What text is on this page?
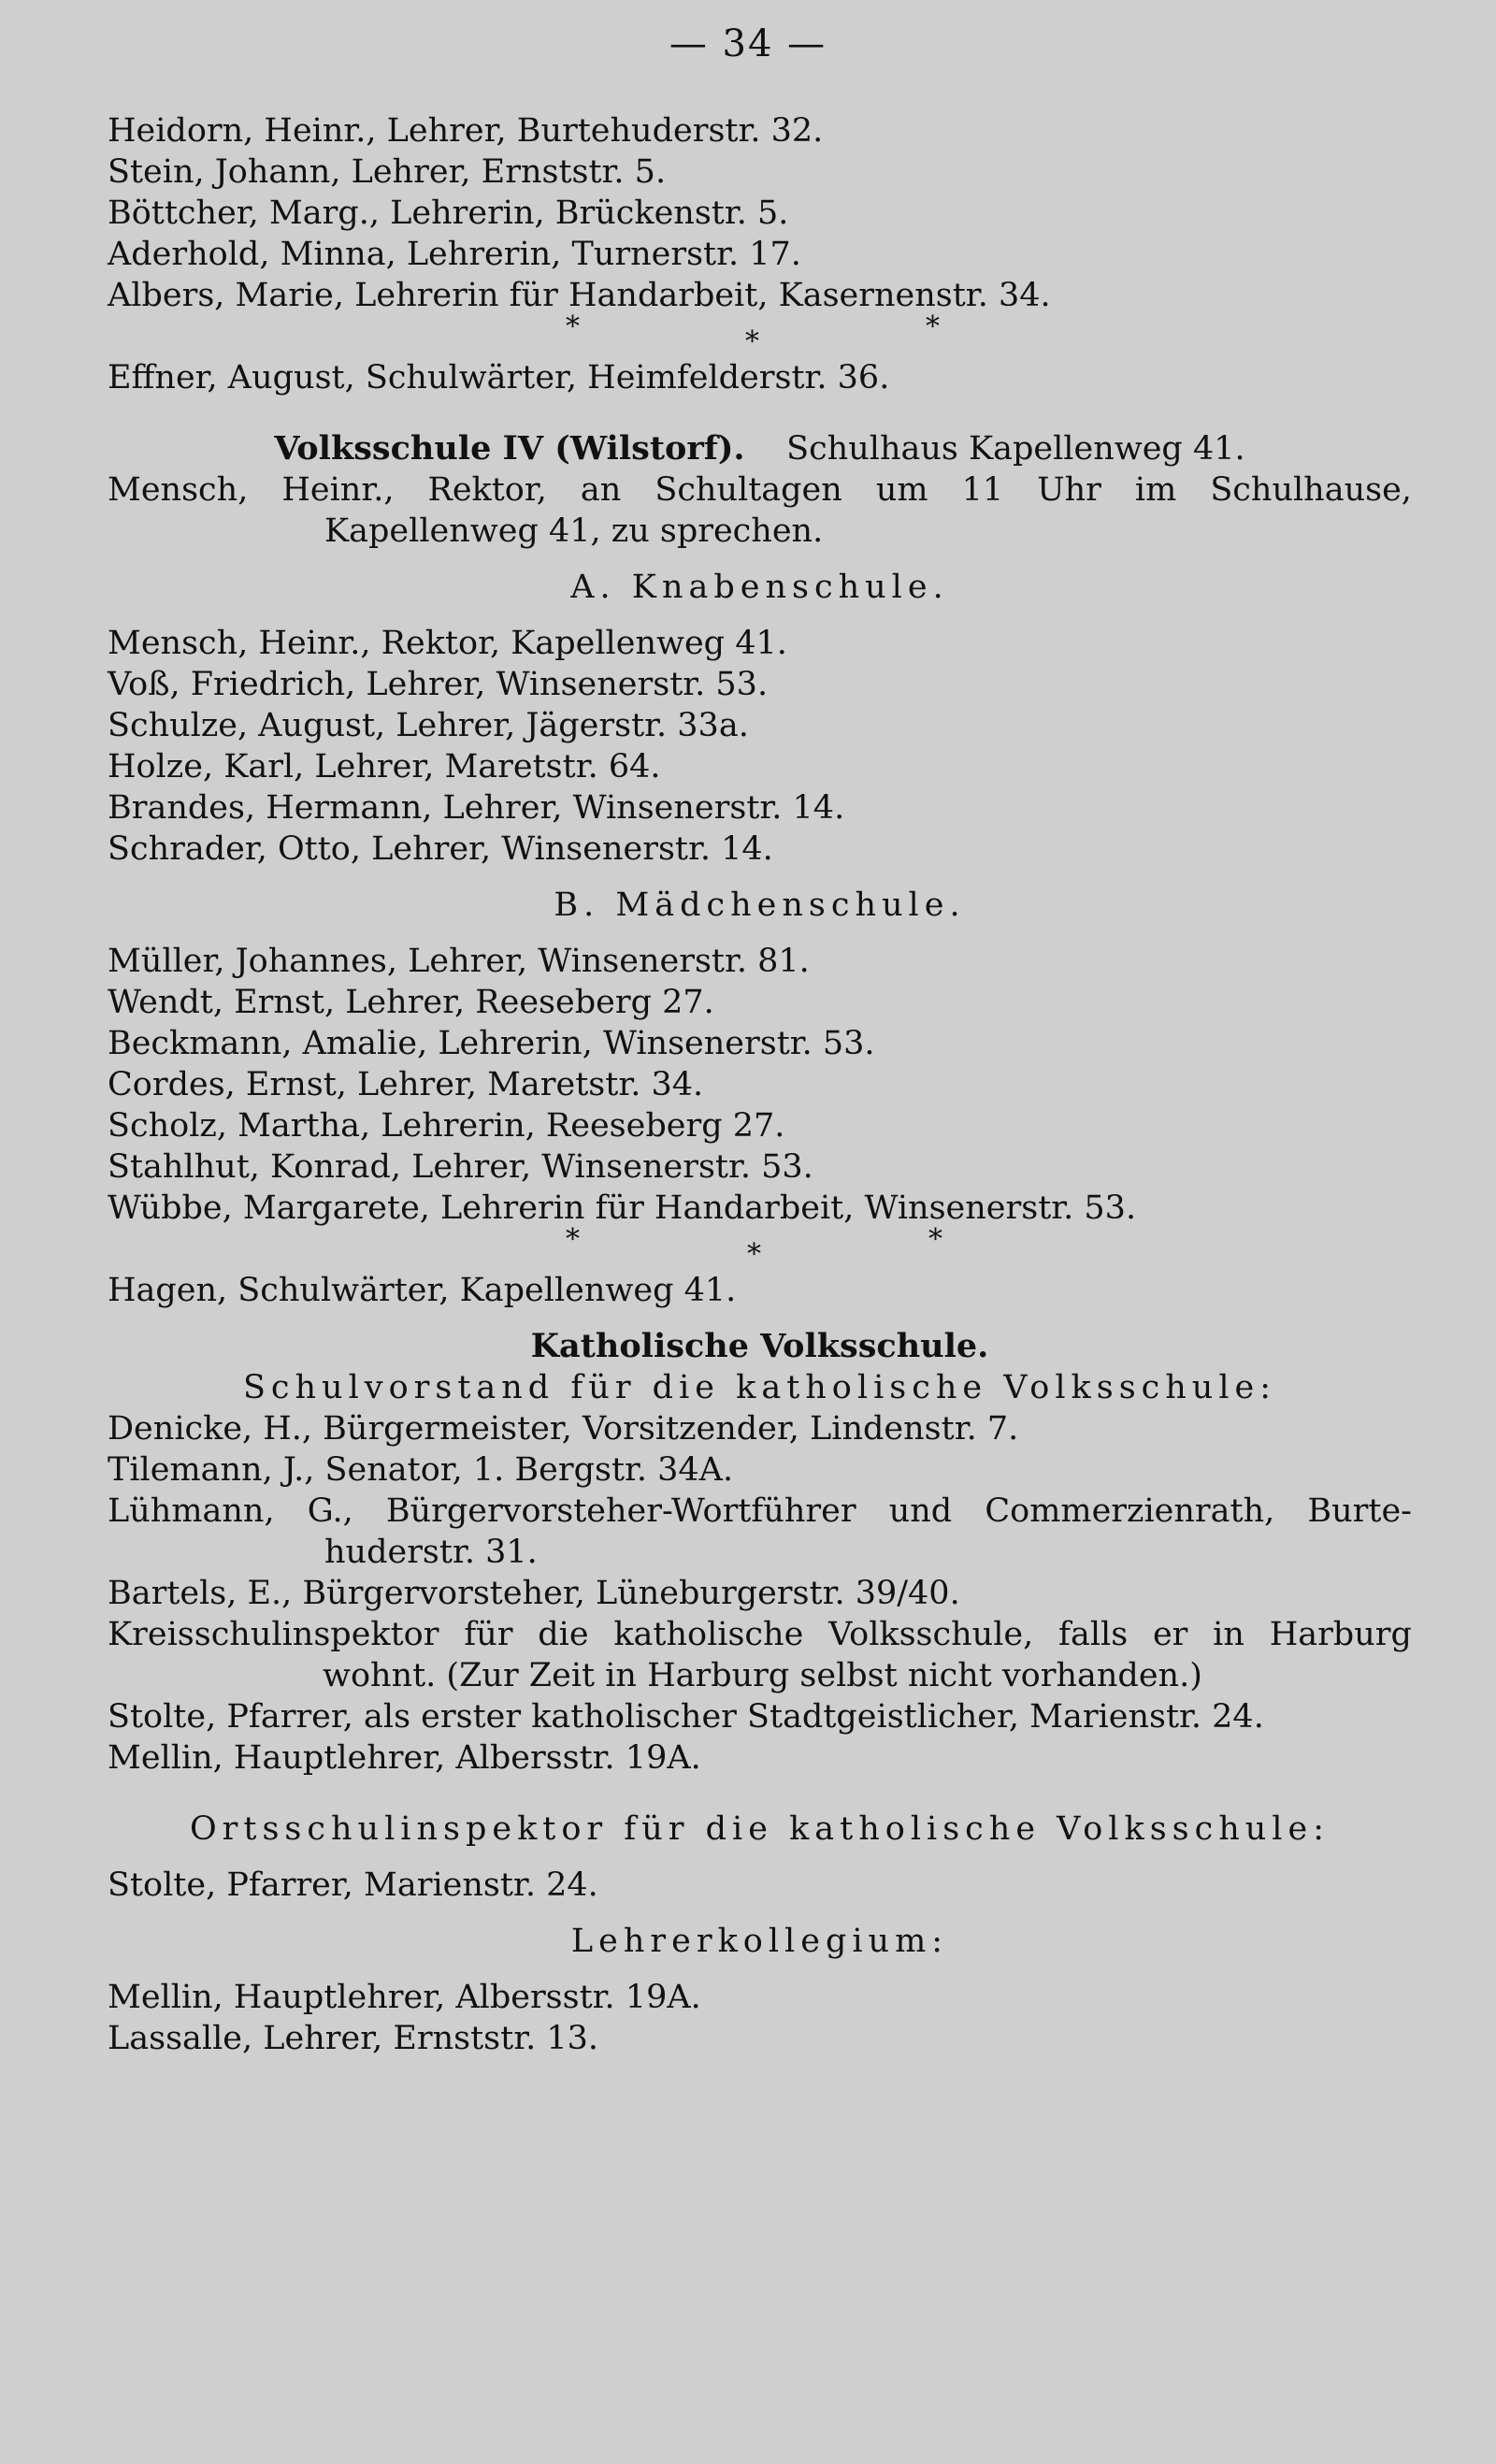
— 34 —
Heidorn, Heinr., Lehrer, Burtehuderstr. 32.
Stein, Johann, Lehrer, Ernststr. 5.
Böttcher, Marg., Lehrerin, Brückenstr. 5.
Aderhold, Minna, Lehrerin, Turnerstr. 17.
Albers, Marie, Lehrerin für Handarbeit, Kasernenstr. 34.
*	*	*
Effner, August, Schulwärter, Heimfelderstr. 36.
Volksschule IV (Wilstorf). Schulhaus Kapellenweg 41.
Mensch, Heinr., Rektor, an Schultagen um 11 Uhr im Schulhause,
Kapellenweg 41, zu sprechen.
A. Knabenschule.
Mensch, Heinr., Rektor, Kapellenweg 41.
Voß, Friedrich, Lehrer, Winsenerstr. 53.
Schulze, August, Lehrer, Jägerstr. 33a.
Holze, Karl, Lehrer, Maretstr. 64.
Brandes, Hermann, Lehrer, Winsenerstr. 14.
Schrader, Otto, Lehrer, Winsenerstr. 14.
B. Mädchenschule.
Müller, Johannes, Lehrer, Winsenerstr. 81.
Wendt, Ernst, Lehrer, Reeseberg 27.
Beckmann, Amalie, Lehrerin, Winsenerstr. 53.
Cordes, Ernst, Lehrer, Maretstr. 34.
Scholz, Martha, Lehrerin, Reeseberg 27.
Stahlhut, Konrad, Lehrer, Winsenerstr. 53.
Wübbe, Margarete, Lehrerin für Handarbeit, Winsenerstr. 53.
*	*	*
Hagen, Schulwärter, Kapellenweg 41.
Katholische Volksschule.
Schulvorstand für die katholische Volksschule:
Denicke, H., Bürgermeister, Vorsitzender, Lindenstr. 7.
Tilemann, J., Senator, 1. Bergstr. 34A.
Lühmann, G., Bürgervorsteher-Wortführer und Commerzienrath, Burte-
huderstr. 31.
Bartels, E., Bürgervorsteher, Lüneburgerstr. 39/40.
Kreisschulinspektor für die katholische Volksschule, falls er in Harburg
wohnt. (Zur Zeit in Harburg selbst nicht vorhanden.)
Stolte, Pfarrer, als erster katholischer Stadtgeistlicher, Marienstr. 24.
Mellin, Hauptlehrer, Albersstr. 19A.
Ortsschulinspektor für die katholische Volksschule:
Stolte, Pfarrer, Marienstr. 24.
Lehrerkollegium:
Mellin, Hauptlehrer, Albersstr. 19A.
Lassalle, Lehrer, Ernststr. 13.
